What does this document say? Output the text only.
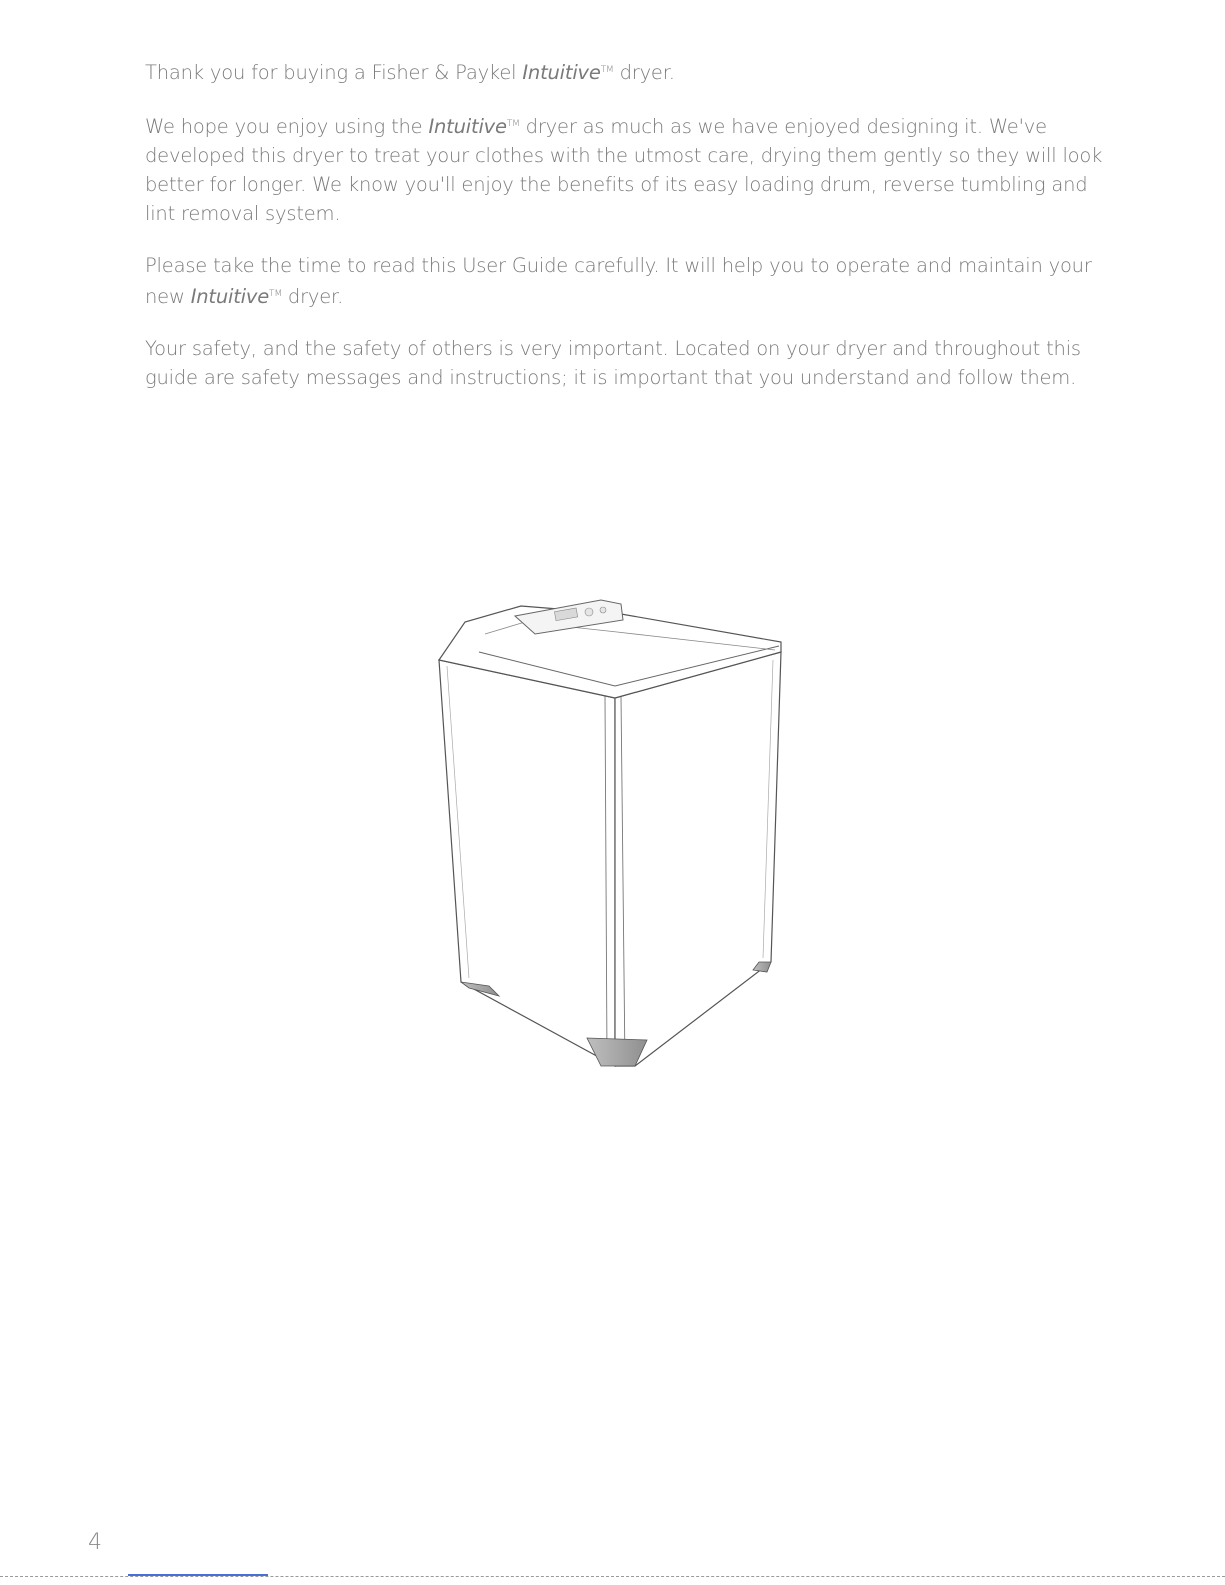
Thank you for buying a Fisher & Paykel Intuitive™ dryer.

We hope you enjoy using the Intuitive™ dryer as much as we have enjoyed designing it. We've developed this dryer to treat your clothes with the utmost care, drying them gently so they will look better for longer. We know you'll enjoy the benefits of its easy loading drum, reverse tumbling and lint removal system.

Please take the time to read this User Guide carefully. It will help you to operate and maintain your new Intuitive™ dryer.

Your safety, and the safety of others is very important. Located on your dryer and throughout this guide are safety messages and instructions; it is important that you understand and follow them.

4
